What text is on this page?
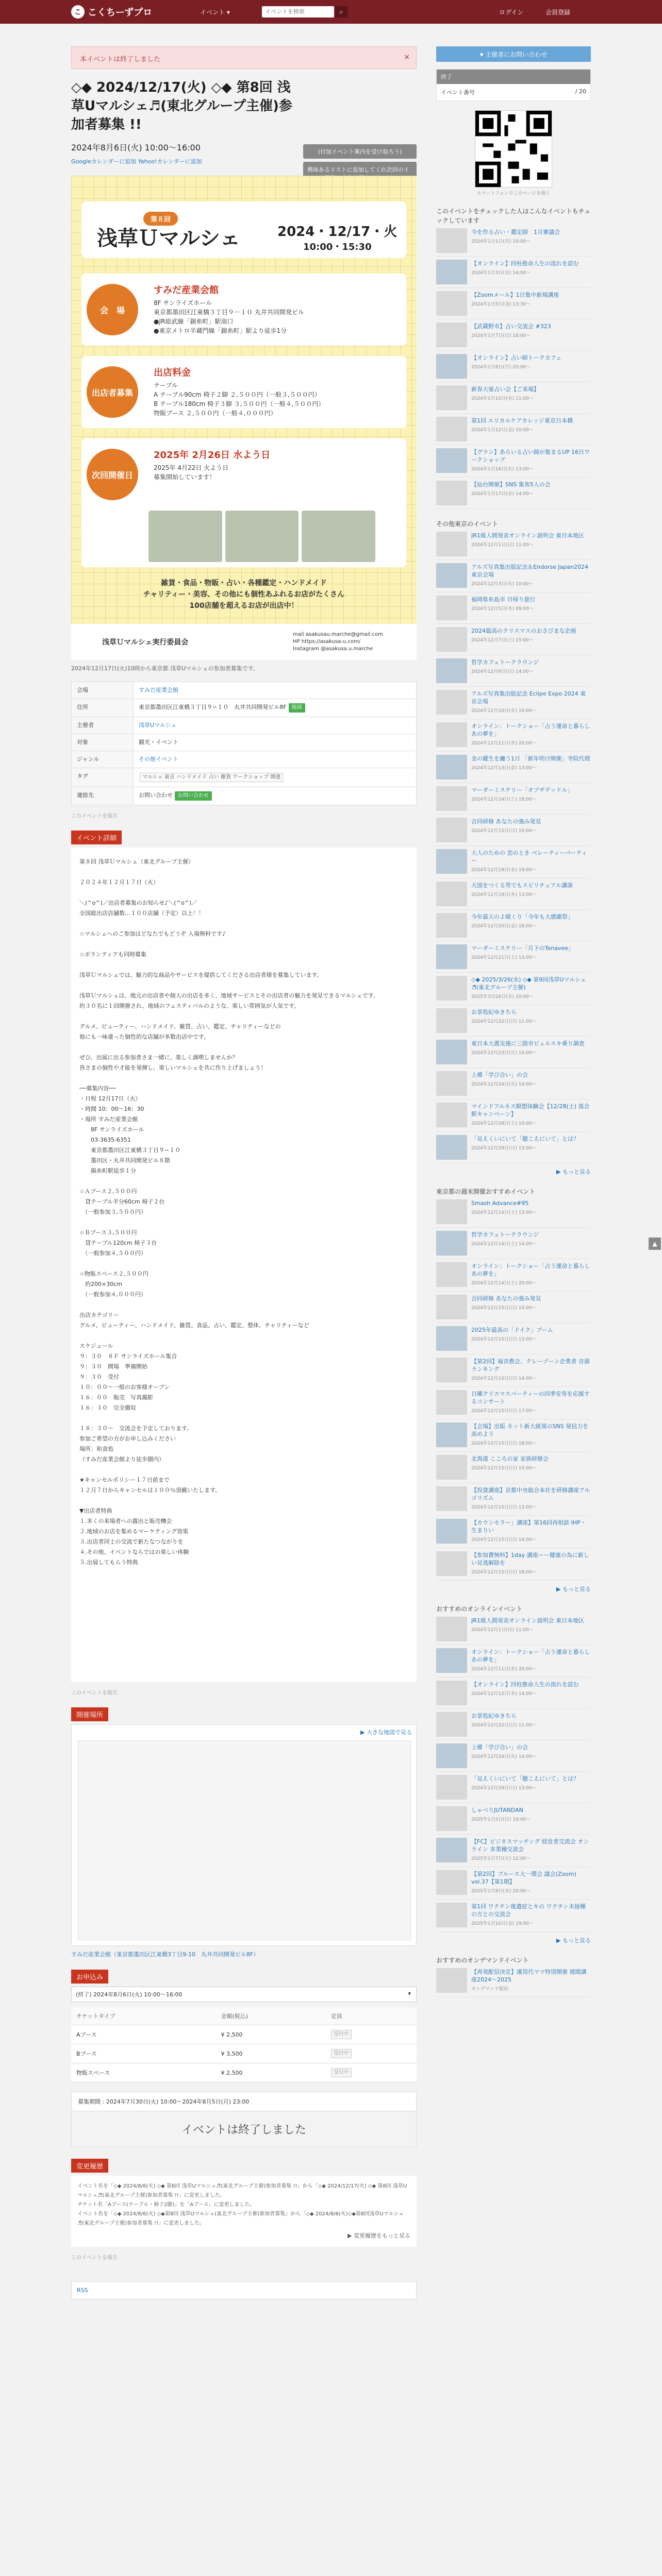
こ こくちーずプロ	イベント ▾
イベントを検索	⌕	ログイン	会員登録
本イベントは終了しました	×
◇◆ 2024/12/17(火) ◇◆ 第8回 浅草Uマルシェ♬(東北グループ主催)参加者募集 !!
2024年8月6日(火) 10:00〜16:00
Googleカレンダーに追加 Yahoo!カレンダーに追加
(付加イベント案内を受け取ろう)
興味あるリストに追加してくれ次回のイ
第８回
浅草Ｕマルシェ	2024・12/17・火
10:00・15:30
会　場
すみだ産業会館
8F サンライズホール
東京都墨田区江東橋３丁目９－１０ 丸井共同開発ビル
●JR総武線「錦糸町」駅南口
●東京メトロ半蔵門線「錦糸町」駅より徒歩1分
出店者募集
出店料金
テーブル
A テーブル90cm 椅子２脚 ２,５００円（一般３,５００円）
B テーブル180cm 椅子３脚 ３,５００円（一般４,５００円）
物販ブース ２,５００円（一般４,０００円）
次回開催日
2025年 2月26日 水よう日
2025年 4月22日 火よう日
募集開始しています！
雑貨・食品・物販・占い・各種鑑定・ハンドメイド
チャリティー・美容、その他にも個性あふれるお店がたくさん
100店舗を超えるお店が出店中！
浅草Ｕマルシェ実行委員会
mail asakusau.marche@gmail.com
HP https://asakusa-u.com/
Instagram @asakusa.u.marche
2024年12月17日(火)10時から東京都 浅草Uマルシェの参加者募集です。
会場	すみだ産業会館
住所	東京都墨田区江東橋３丁目９−１０　丸井共同開発ビル8F 地図
主催者	浅草Uマルシェ
対象	観光・イベント
ジャンル	その他イベント
タグ	マルシェ 東京 ハンドメイド 占い 雑貨 ワークショップ 開運
連絡先	お問い合わせ お問い合わせ
このイベントを報告
イベント詳細
第８回 浅草Ｕマルシェ（東北グループ主催）

２０２４年１２月１７日（火）

＼(^o^)／出店者募集のお知らせ♪＼(^o^)／
全国総出店店舗数…１００店舗（予定）以上！！

☆マルシェへのご参加はどなたでもどうぞ 入場無料です♪

☆ボランティアも同時募集

浅草Ｕマルシェでは、魅力的な商品やサービスを提供してくださる出店者様を募集しています。

浅草Ｕマルシェは、地元の出店者や個人の出店を多く、地域サービスとその出店者の魅力を発見できるマルシェです。
約３０名に１回開催され、地域のフェスティバルのような、楽しい雰囲気が人気です。

グルメ、ビューティー、ハンドメイド、雑貨、占い、鑑定、チャリティーなどの
他にも一味違った個性的な店舗が多数出店中です。

ぜひ、出展に出る参加者さま一緒に、楽しく満喫しませんか？
皆さまの個性や才能を発揮し、楽しいマルシェを共に作り上げましょう！

──募集内容──
・日程 12月17日（火）
・時間 10：00〜16：30
・場所 すみだ産業会館
　　8F サンライズホール
　　03-3635-6351
　　東京都墨田区江東橋３丁目９−１０
　　墨田区・丸井共同開発ビル８階
　　錦糸町駅徒歩１分

☆Ａブース２,５００円
　貸テーブル半分60cm 椅子２台
　（一般参加３,５００円）

☆Ｂブース３,５００円
　貸テーブル120cm 椅子３台
　（一般参加４,５００円）

☆物販スペース２,５００円
　約200×30cm
　（一般参加４,０００円）

出店カテゴリー
グルメ、ビューティー、ハンドメイド、雑貨、食品、占い、鑑定、整体、チャリティーなど

スケジュール
９：３０　８Ｆ サンライズホール集合
９：３０　開場　準備開始
９：３０　受付
１０：００〜一般のお客様オープン
１６：００　販売　写真撮影
１６：３０　完全撤収

１８：３０〜　交流会を予定しております。
参加ご希望の方がお申し込みください
場所：和食処
（すみだ産業会館より徒歩圏内）

★キャンセルポリシー１７日前まで
１２月７日からキャンセルは１００％頂戴いたします。

▼出店者特典
１.多くの来場者への露出と販売機会
２.地域のお店を集めるマーケティング効果
３.出店者同士の交流で新たなつながりを
４.その他、イベントならではの楽しい体験
５.出展してもらう特典
このイベントを報告
開催場所
▶ 大きな地図で見る
すみだ産業会館（東京都墨田区江東橋3丁目9-10　丸井共同開発ビル8F）
お申込み
(終了) 2024年8月6日(火) 10:00〜16:00	▾
チケットタイプ	金額(税込)	定員
Aブース	¥ 2,500	受付中
Bブース	¥ 3,500	受付中
物販スペース	¥ 2,500	受付中
募集期間 : 2024年7月30日(火) 10:00〜2024年8月5日(月) 23:00
イベントは終了しました
変更履歴
イベント名を「◇◆ 2024/8/6(火) ◇◆ 第8回 浅草Uマルシェ♬(東北グループ主催)参加者募集 !!」から「◇◆ 2024/12/17(火) ◇◆ 第8回 浅草Uマルシェ♬(東北グループ主催)参加者募集 !!」に変更しました。
チケット名「Aブース(テーブル・椅子2脚)」を「Aブース」に変更しました。
イベント名を「◇◆ 2024/8/6(火) ◇◆第8回 浅草Uマルシェ(東北グループ主催)参加者募集」から「◇◆ 2024/8/6(火)◇◆第8回浅草Uマルシェ♬(東北グループ主催)参加者募集 !!」に変更しました。
▶ 変更履歴をもっと見る
このイベントを報告
RSS
♥ 主催者にお問い合わせ
終了
イベント番号	/ 20
スマートフォンでこのページを開く
このイベントをチェックした人はこんなイベントもチェックしています
今を作る占い・鑑定師　1月審議会
2024年1月1日(月) 10:00〜
【オンライン】四柱推命人生の流れを読む
2024年1月3日(水) 14:00〜
【Zoomメール】1日集中新規講座
2024年1月5日(金) 13:30〜
【武蔵野市】占い交流会 #323
2024年1月7日(日) 18:00〜
【オンライン】占い師トークカフェ
2024年1月8日(月) 20:00〜
新春大宴占い会【ご来場】
2024年1月10日(水) 11:00〜
第1回 エリカルケアカレッジ東京日本橋
2024年1月12日(金) 10:00〜
【グラン】あらいる占い師が集まるUP 16日ワークショップ
2024年1月16日(火) 13:00〜
【仙台開催】SNS 集客5人の会
2024年1月17日(水) 14:00〜
その他東京のイベント
JR1級人間発表オンライン説明会 東日本地区
2024年12月1日(日) 11:00〜
アルズ写真集出版記念＆Endorse Japan2024 東京会場
2024年12月3日(火) 10:00〜
福岡県糸島市 日帰り旅行
2024年12月5日(木) 09:00〜
2024最高のクリスマスのおさびまな企画
2024年12月7日(土) 15:00〜
哲学カフェトークラウンジ
2024年12月8日(日) 14:00〜
アルズ写真集出版記念 Eclipe Expo 2024 東京会場
2024年12月10日(火) 10:00〜
オンライン：トークショー「占う運命と暮らし あの夢を」
2024年12月11日(水) 20:00〜
金の鍵生を纏う1日 「新年明け開催」寺院代理
2024年12月13日(金) 13:00〜
マーダーミステリー「オブザデッドル」
2024年12月14日(土) 18:00〜
合同研修 あなたの強み発見
2024年12月15日(日) 10:00〜
大人のための 恋のとき ベレーティーパーティー
2024年12月18日(水) 19:00〜
天国をつくる男でもスピリチュアル講演
2024年12月19日(木) 13:00〜
今年最大のよ暖くり「今年も大感謝祭」
2024年12月20日(金) 18:00〜
マーダーミステリー「月下のTenavee」
2024年12月21日(土) 13:00〜
◇◆ 2025/3/26(水) ◇◆ 第9回浅草Uマルシェ♬(東北グループ主催)
2025年3月26日(水) 10:00〜
お茶処紀ゆきちら
2024年12月22日(日) 11:00〜
東日本大震災後に三陸市ビェルスキ乗り調査
2024年12月23日(月) 10:00〜
上郷「学び合い」の会
2024年12月24日(火) 14:00〜
マインドフルネス瞑想体験会【12/28(土) 落合駅キャンペーン】
2024年12月28日(土) 10:00〜
「見えくいにいて「聴こえにいて」とは？
2024年12月29日(日) 13:00〜
▶ もっと見る
東京都の週末開催おすすめイベント
Smash Advance#95
2024年12月14日(土) 13:00〜
哲学カフェトークラウンジ
2024年12月14日(土) 14:00〜
オンライン：トークショー「占う運命と暮らし あの夢を」
2024年12月14日(土) 20:00〜
合同研修 あなたの強み発見
2024年12月15日(日) 10:00〜
2025年最高の「ドイク」ブーム
2024年12月15日(日) 13:00〜
【第2回】福音教会、クレーゾーン企業者 音源ランキング
2024年12月15日(日) 14:00〜
日曜クリスマスパーティーの四季安寿を応援するコンサート
2024年12月15日(日) 17:00〜
【会場】出版 ネット新大統領のSNS 発信力を高めよう
2024年12月15日(日) 18:00〜
北海道 こころの家 家族研修会
2024年12月15日(日) 10:00〜
【投資講座】京都中央総合本社を研修講座アルゴリズム
2024年12月15日(日) 13:00〜
【カウンセラー」講座】第16回再相談 IHP・生まりい
2024年12月15日(日) 14:00〜
【参加費無料】1day 講座ーー健康の為に新しい見逃解除を
2024年12月15日(日) 18:00〜
▶ もっと見る
おすすめのオンラインイベント
JR1級人間発表オンライン説明会 東日本地区
2024年12月1日(日) 11:00〜
オンライン：トークショー「占う運命と暮らし あの夢を」
2024年12月11日(水) 20:00〜
【オンライン】四柱推命人生の流れを読む
2024年12月12日(木) 14:00〜
お茶処紀ゆきちら
2024年12月22日(日) 11:00〜
上郷「学び合い」の会
2024年12月24日(火) 14:00〜
「見えくいにいて「聴こえにいて」とは？
2024年12月29日(日) 13:00〜
しゃべりJUTANDAN
2025年1月5日(日) 19:00〜
【FC】ビジネスマッチング 経営者交流会 オンライン 多業種交流会
2025年1月7日(火) 12:00〜
【第2回】ブルース大一環会 議会(Zoom) vol.37【第1期】
2025年1月8日(水) 20:00〜
第1回 ワクチン後遺症とキの ワクチン未接種の方との交流会
2025年1月10日(金) 19:00〜
▶ もっと見る
おすすめのオンデマンドイベント
【再発配信決定】運用代ママ特別開催 週間講座2024〜2025
オンデマンド配信
▲
